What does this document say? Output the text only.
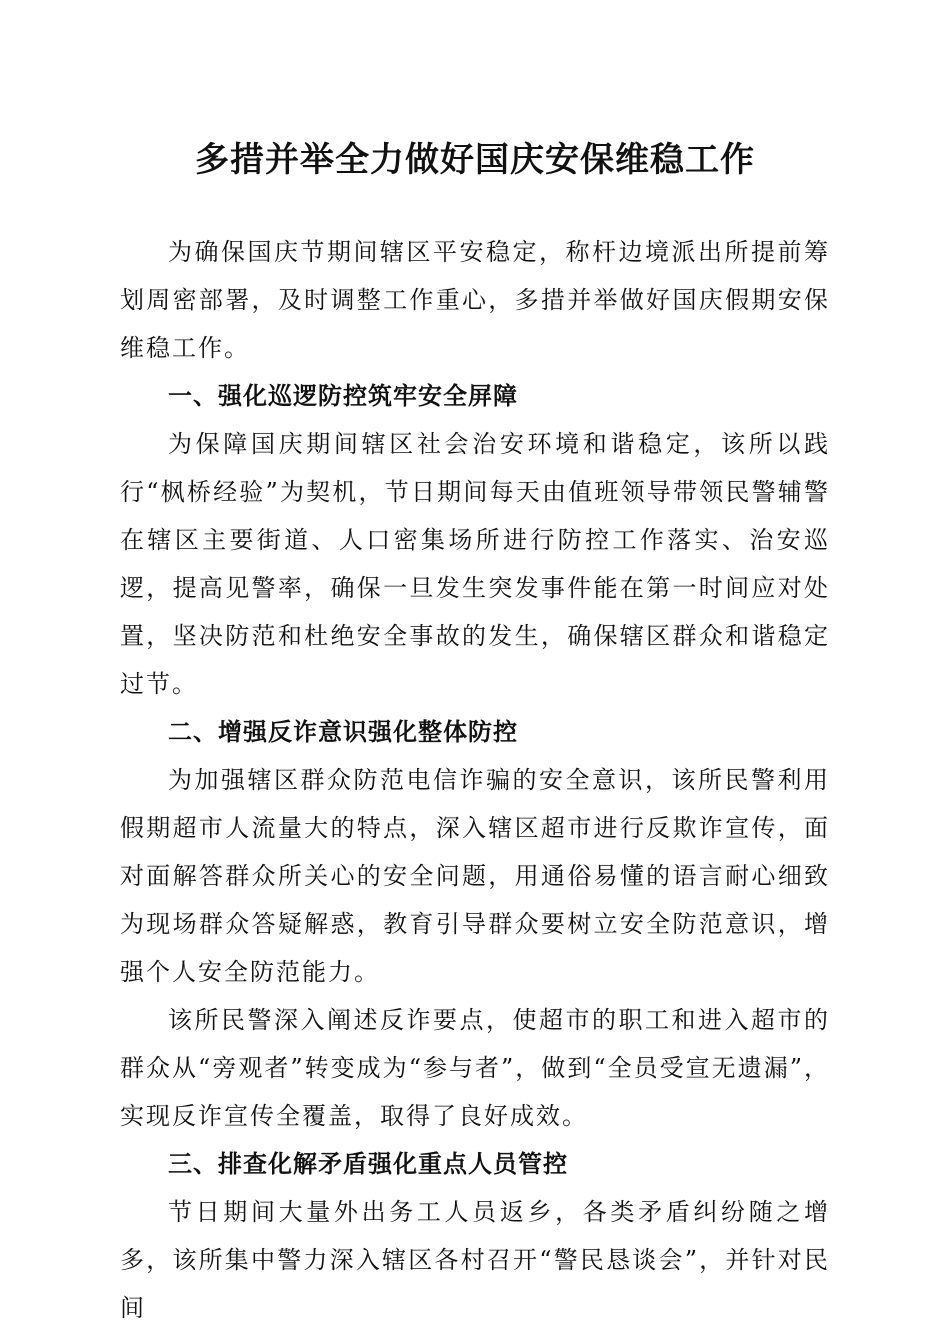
多措并举全力做好国庆安保维稳工作

为确保国庆节期间辖区平安稳定，称杆边境派出所提前筹划周密部署，及时调整工作重心，多措并举做好国庆假期安保维稳工作。

一、强化巡逻防控筑牢安全屏障

为保障国庆期间辖区社会治安环境和谐稳定，该所以践行“枫桥经验”为契机，节日期间每天由值班领导带领民警辅警在辖区主要街道、人口密集场所进行防控工作落实、治安巡逻，提高见警率，确保一旦发生突发事件能在第一时间应对处置，坚决防范和杜绝安全事故的发生，确保辖区群众和谐稳定过节。

二、增强反诈意识强化整体防控

为加强辖区群众防范电信诈骗的安全意识，该所民警利用假期超市人流量大的特点，深入辖区超市进行反欺诈宣传，面对面解答群众所关心的安全问题，用通俗易懂的语言耐心细致为现场群众答疑解惑，教育引导群众要树立安全防范意识，增强个人安全防范能力。

该所民警深入阐述反诈要点，使超市的职工和进入超市的群众从“旁观者”转变成为“参与者”，做到“全员受宣无遗漏”，实现反诈宣传全覆盖，取得了良好成效。

三、排查化解矛盾强化重点人员管控

节日期间大量外出务工人员返乡，各类矛盾纠纷随之增多，该所集中警力深入辖区各村召开“警民恳谈会”，并针对民间
